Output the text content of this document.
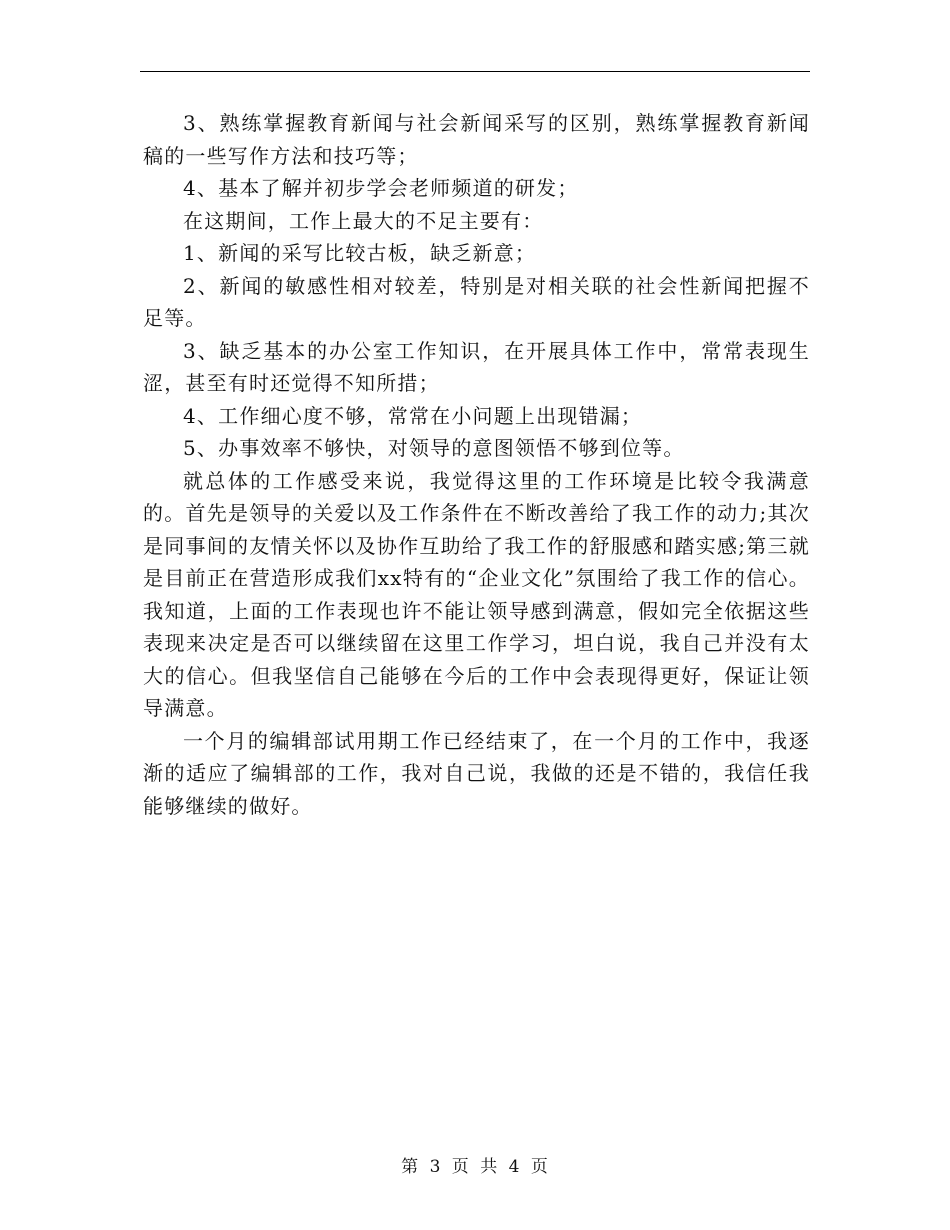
3、熟练掌握教育新闻与社会新闻采写的区别，熟练掌握教育新闻稿的一些写作方法和技巧等；

4、基本了解并初步学会老师频道的研发；

在这期间，工作上最大的不足主要有：

1、新闻的采写比较古板，缺乏新意；

2、新闻的敏感性相对较差，特别是对相关联的社会性新闻把握不足等。

3、缺乏基本的办公室工作知识，在开展具体工作中，常常表现生涩，甚至有时还觉得不知所措；

4、工作细心度不够，常常在小问题上出现错漏；

5、办事效率不够快，对领导的意图领悟不够到位等。

就总体的工作感受来说，我觉得这里的工作环境是比较令我满意的。首先是领导的关爱以及工作条件在不断改善给了我工作的动力;其次是同事间的友情关怀以及协作互助给了我工作的舒服感和踏实感;第三就是目前正在营造形成我们xx特有的“企业文化”氛围给了我工作的信心。我知道，上面的工作表现也许不能让领导感到满意，假如完全依据这些表现来决定是否可以继续留在这里工作学习，坦白说，我自己并没有太大的信心。但我坚信自己能够在今后的工作中会表现得更好，保证让领导满意。

一个月的编辑部试用期工作已经结束了，在一个月的工作中，我逐渐的适应了编辑部的工作，我对自己说，我做的还是不错的，我信任我能够继续的做好。

第 3 页 共 4 页
